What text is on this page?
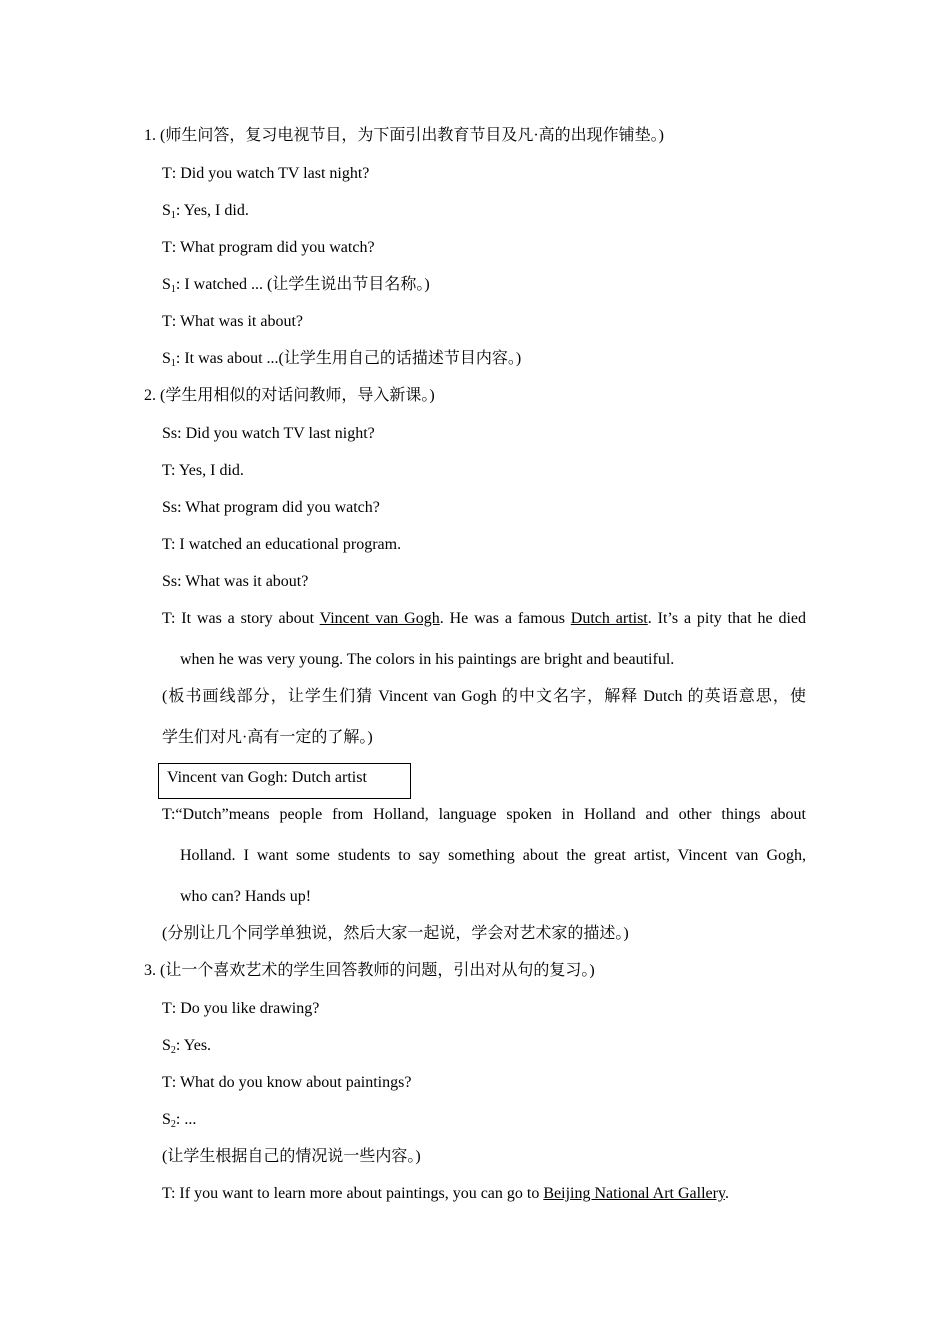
1. (师生问答，复习电视节目，为下面引出教育节目及凡·高的出现作铺垫。)
T: Did you watch TV last night?
$S_1$: Yes, I did.
T: What program did you watch?
$S_1$: I watched ... (让学生说出节目名称。)
T: What was it about?
$S_1$: It was about ...(让学生用自己的话描述节目内容。)
2. (学生用相似的对话问教师，导入新课。)
Ss: Did you watch TV last night?
T: Yes, I did.
Ss: What program did you watch?
T: I watched an educational program.
Ss: What was it about?
T: It was a story about Vincent van Gogh. He was a famous Dutch artist. It’s a pity that he died
when he was very young. The colors in his paintings are bright and beautiful.
(板书画线部分，让学生们猜 Vincent van Gogh 的中文名字，解释 Dutch 的英语意思，使
学生们对凡·高有一定的了解。)
Vincent van Gogh: Dutch artist
T:“Dutch”means people from Holland, language spoken in Holland and other things about
Holland. I want some students to say something about the great artist, Vincent van Gogh,
who can? Hands up!
(分别让几个同学单独说，然后大家一起说，学会对艺术家的描述。)
3. (让一个喜欢艺术的学生回答教师的问题，引出对从句的复习。)
T: Do you like drawing?
$S_2$: Yes.
T: What do you know about paintings?
$S_2$: ...
(让学生根据自己的情况说一些内容。)
T: If you want to learn more about paintings, you can go to Beijing National Art Gallery.
